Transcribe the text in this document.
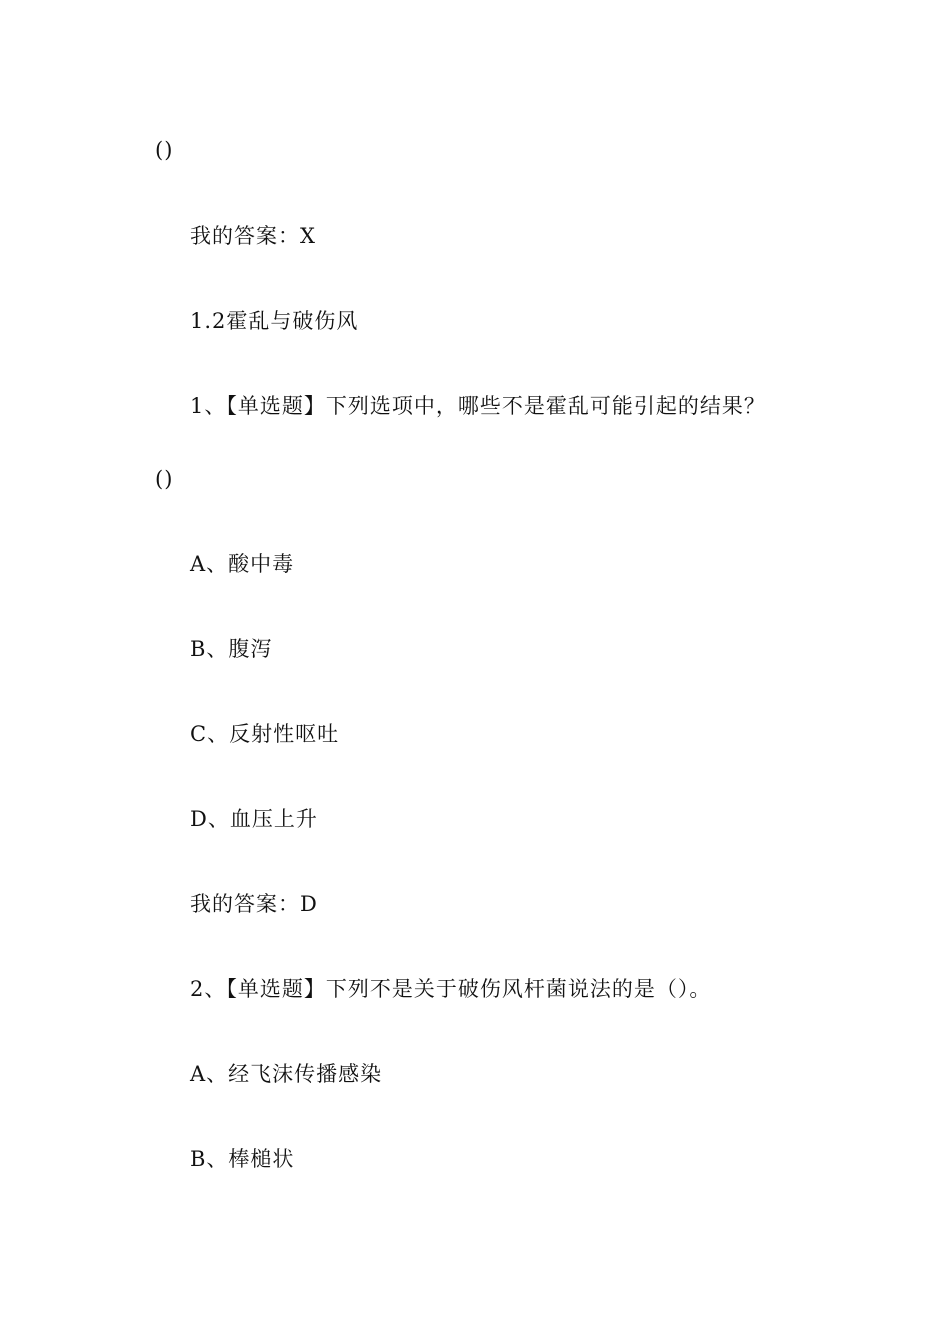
()
我的答案：X
1.2霍乱与破伤风
1、【单选题】下列选项中，哪些不是霍乱可能引起的结果？
()
A、酸中毒
B、腹泻
C、反射性呕吐
D、血压上升
我的答案：D
2、【单选题】下列不是关于破伤风杆菌说法的是（）。
A、经飞沫传播感染
B、棒槌状
